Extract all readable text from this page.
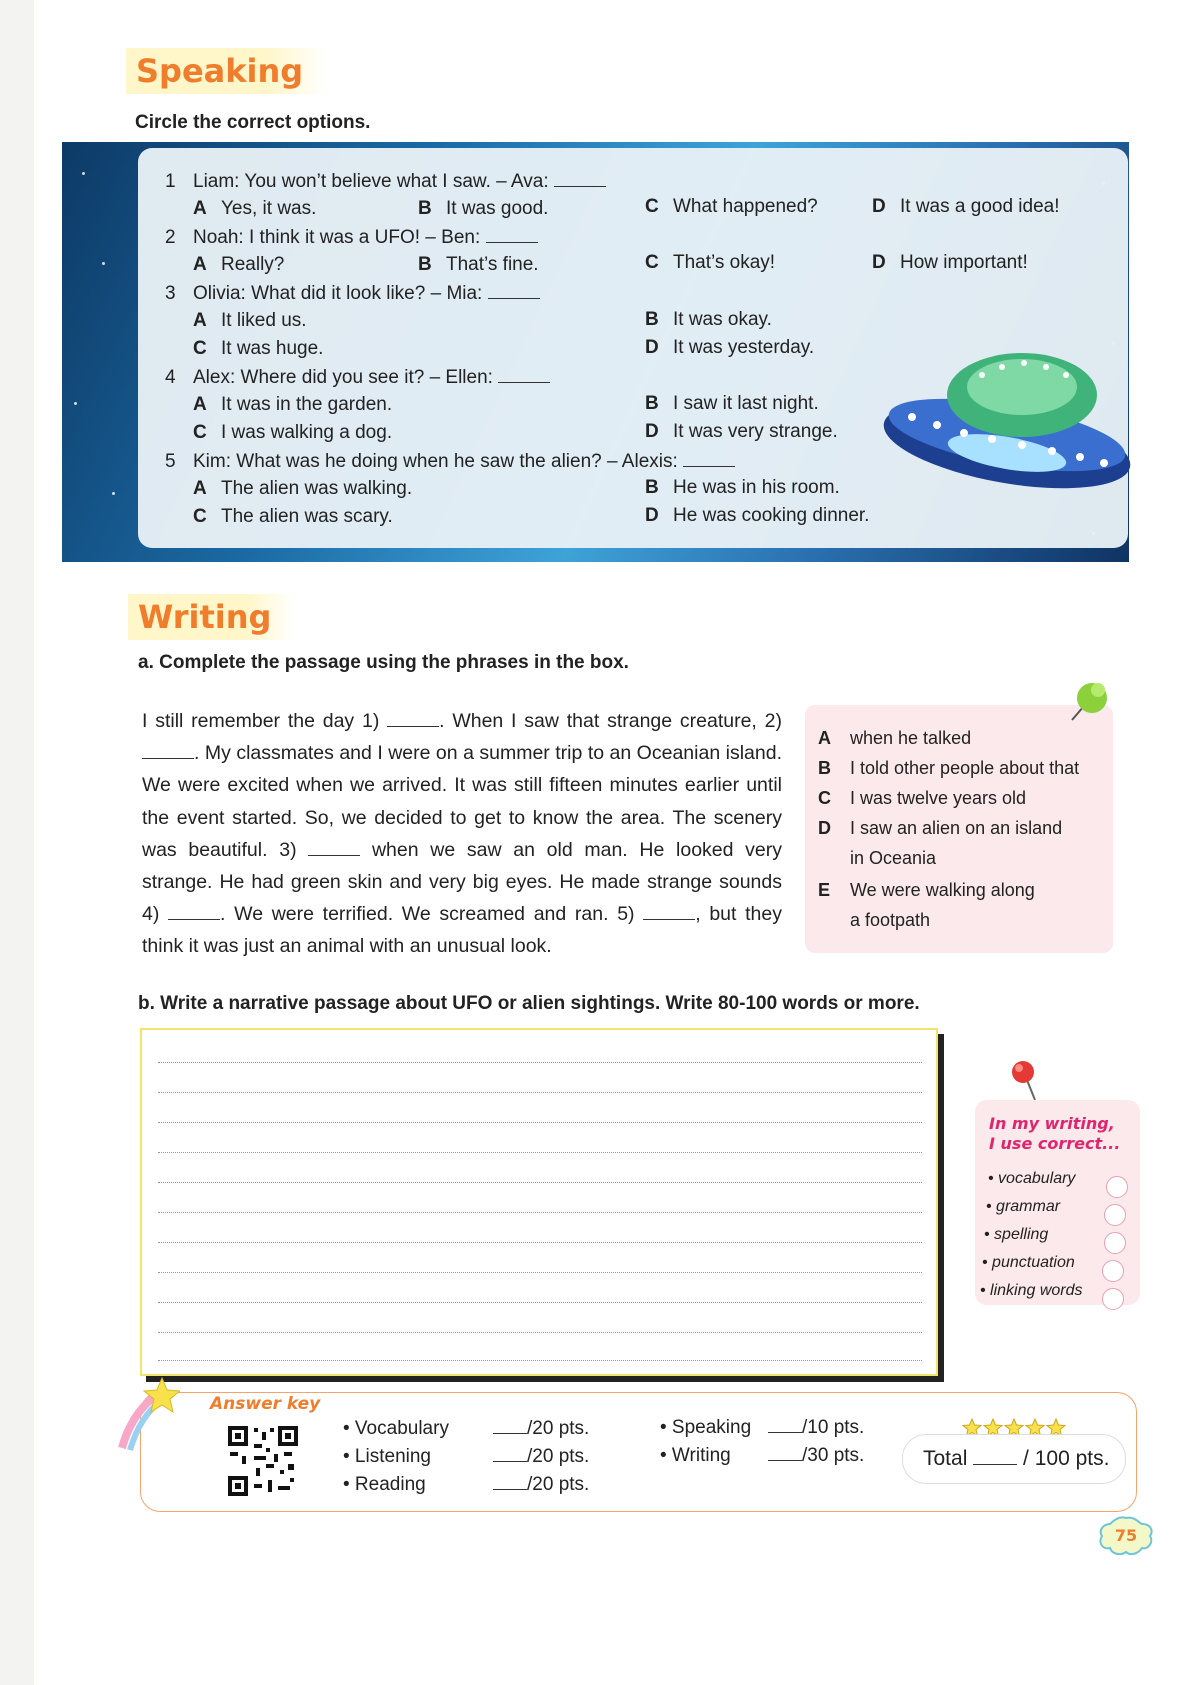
Speaking
Circle the correct options.
1 Liam: You won’t believe what I saw. – Ava:
A Yes, it was.	B It was good.	C What happened?	D It was a good idea!
2 Noah: I think it was a UFO! – Ben:
A Really?	B That’s fine.	C That’s okay!	D How important!
3 Olivia: What did it look like? – Mia:
A It liked us.	B It was okay.
C It was huge.	D It was yesterday.
4 Alex: Where did you see it? – Ellen:
A It was in the garden.	B I saw it last night.
C I was walking a dog.	D It was very strange.
5 Kim: What was he doing when he saw the alien? – Alexis:
A The alien was walking.	B He was in his room.
C The alien was scary.	D He was cooking dinner.
Writing
a. Complete the passage using the phrases in the box.
I still remember the day 1)	. When I saw that strange creature, 2) . My classmates and I were on a summer trip to an Oceanian island. We were excited when we arrived. It was still fifteen minutes earlier until the event started. So, we decided to get to know the area. The scenery was beautiful. 3)	when we saw an old man. He looked very strange. He had green skin and very big eyes. He made strange sounds 4)	. We were terrified. We screamed and ran. 5)	, but they think it was just an animal with an unusual look.
A when he talked
B I told other people about that
C I was twelve years old
D I saw an alien on an island
in Oceania
E We were walking along
a footpath
b. Write a narrative passage about UFO or alien sightings. Write 80-100 words or more.
In my writing,
I use correct...
• vocabulary
• grammar
• spelling
• punctuation
• linking words
Answer key
• Vocabulary	/20 pts.
• Listening	/20 pts.
• Reading	/20 pts.
• Speaking	/10 pts.
• Writing	/30 pts.	Total	/ 100 pts.
75
